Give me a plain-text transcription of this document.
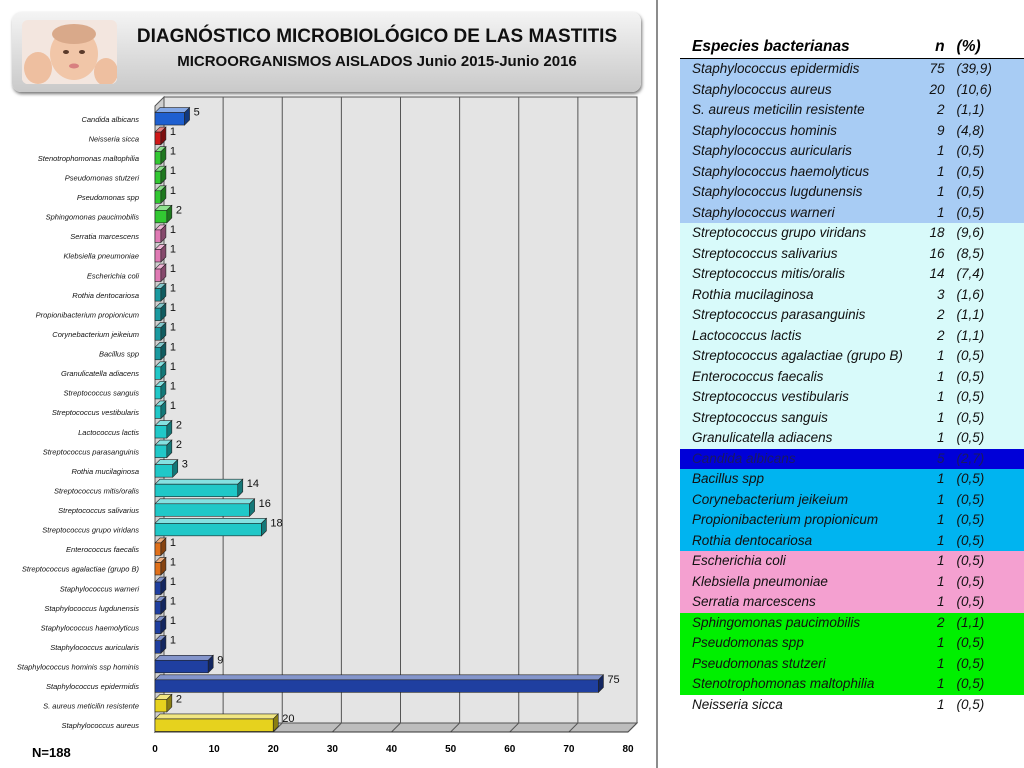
DIAGNÓSTICO MICROBIOLÓGICO DE LAS MASTITIS
MICROORGANISMOS AISLADOS Junio 2015-Junio 2016
0	10	20	30	40	50	60	70	80
5
Candida albicans
1
Neisseria sicca
1
Stenotrophomonas maltophilia
1
Pseudomonas stutzeri
1
Pseudomonas spp
2
Sphingomonas paucimobilis
1
Serratia marcescens
1
Klebsiella pneumoniae
1
Escherichia coli
1
Rothia dentocariosa
1
Propionibacterium propionicum
1
Corynebacterium jeikeium
1
Bacillus spp
1
Granulicatella adiacens
1
Streptococcus sanguis
1
Streptococcus vestibularis
2
Lactococcus lactis
2
Streptococcus parasanguinis
3
Rothia mucilaginosa
14
Streptococcus mitis/oralis
16
Streptococcus salivarius
18
Streptococcus grupo viridans
1
Enterococcus faecalis
1
Streptococcus agalactiae (grupo B)
1
Staphylococcus warneri
1
Staphylococcus lugdunensis
1
Staphylococcus haemolyticus
1
Staphylococcus auricularis
9
Staphylococcus hominis ssp hominis
75
Staphylococcus epidermidis
2
S. aureus meticilin resistente
20
Staphylococcus aureus
N=188
Especies bacterianas	n	(%)
Staphylococcus epidermidis	75	(39,9)
Staphylococcus aureus	20	(10,6)
S. aureus meticilin resistente	2	(1,1)
Staphylococcus hominis	9	(4,8)
Staphylococcus auricularis	1	(0,5)
Staphylococcus haemolyticus	1	(0,5)
Staphylococcus lugdunensis	1	(0,5)
Staphylococcus warneri	1	(0,5)
Streptococcus grupo viridans	18	(9,6)
Streptococcus salivarius	16	(8,5)
Streptococcus mitis/oralis	14	(7,4)
Rothia mucilaginosa	3	(1,6)
Streptococcus parasanguinis	2	(1,1)
Lactococcus lactis	2	(1,1)
Streptococcus agalactiae (grupo B)	1	(0,5)
Enterococcus faecalis	1	(0,5)
Streptococcus vestibularis	1	(0,5)
Streptococcus sanguis	1	(0,5)
Granulicatella adiacens	1	(0,5)
Candida albicans	5	(2,7)
Bacillus spp	1	(0,5)
Corynebacterium jeikeium	1	(0,5)
Propionibacterium propionicum	1	(0,5)
Rothia dentocariosa	1	(0,5)
Escherichia coli	1	(0,5)
Klebsiella pneumoniae	1	(0,5)
Serratia marcescens	1	(0,5)
Sphingomonas paucimobilis	2	(1,1)
Pseudomonas spp	1	(0,5)
Pseudomonas stutzeri	1	(0,5)
Stenotrophomonas maltophilia	1	(0,5)
Neisseria sicca	1	(0,5)
